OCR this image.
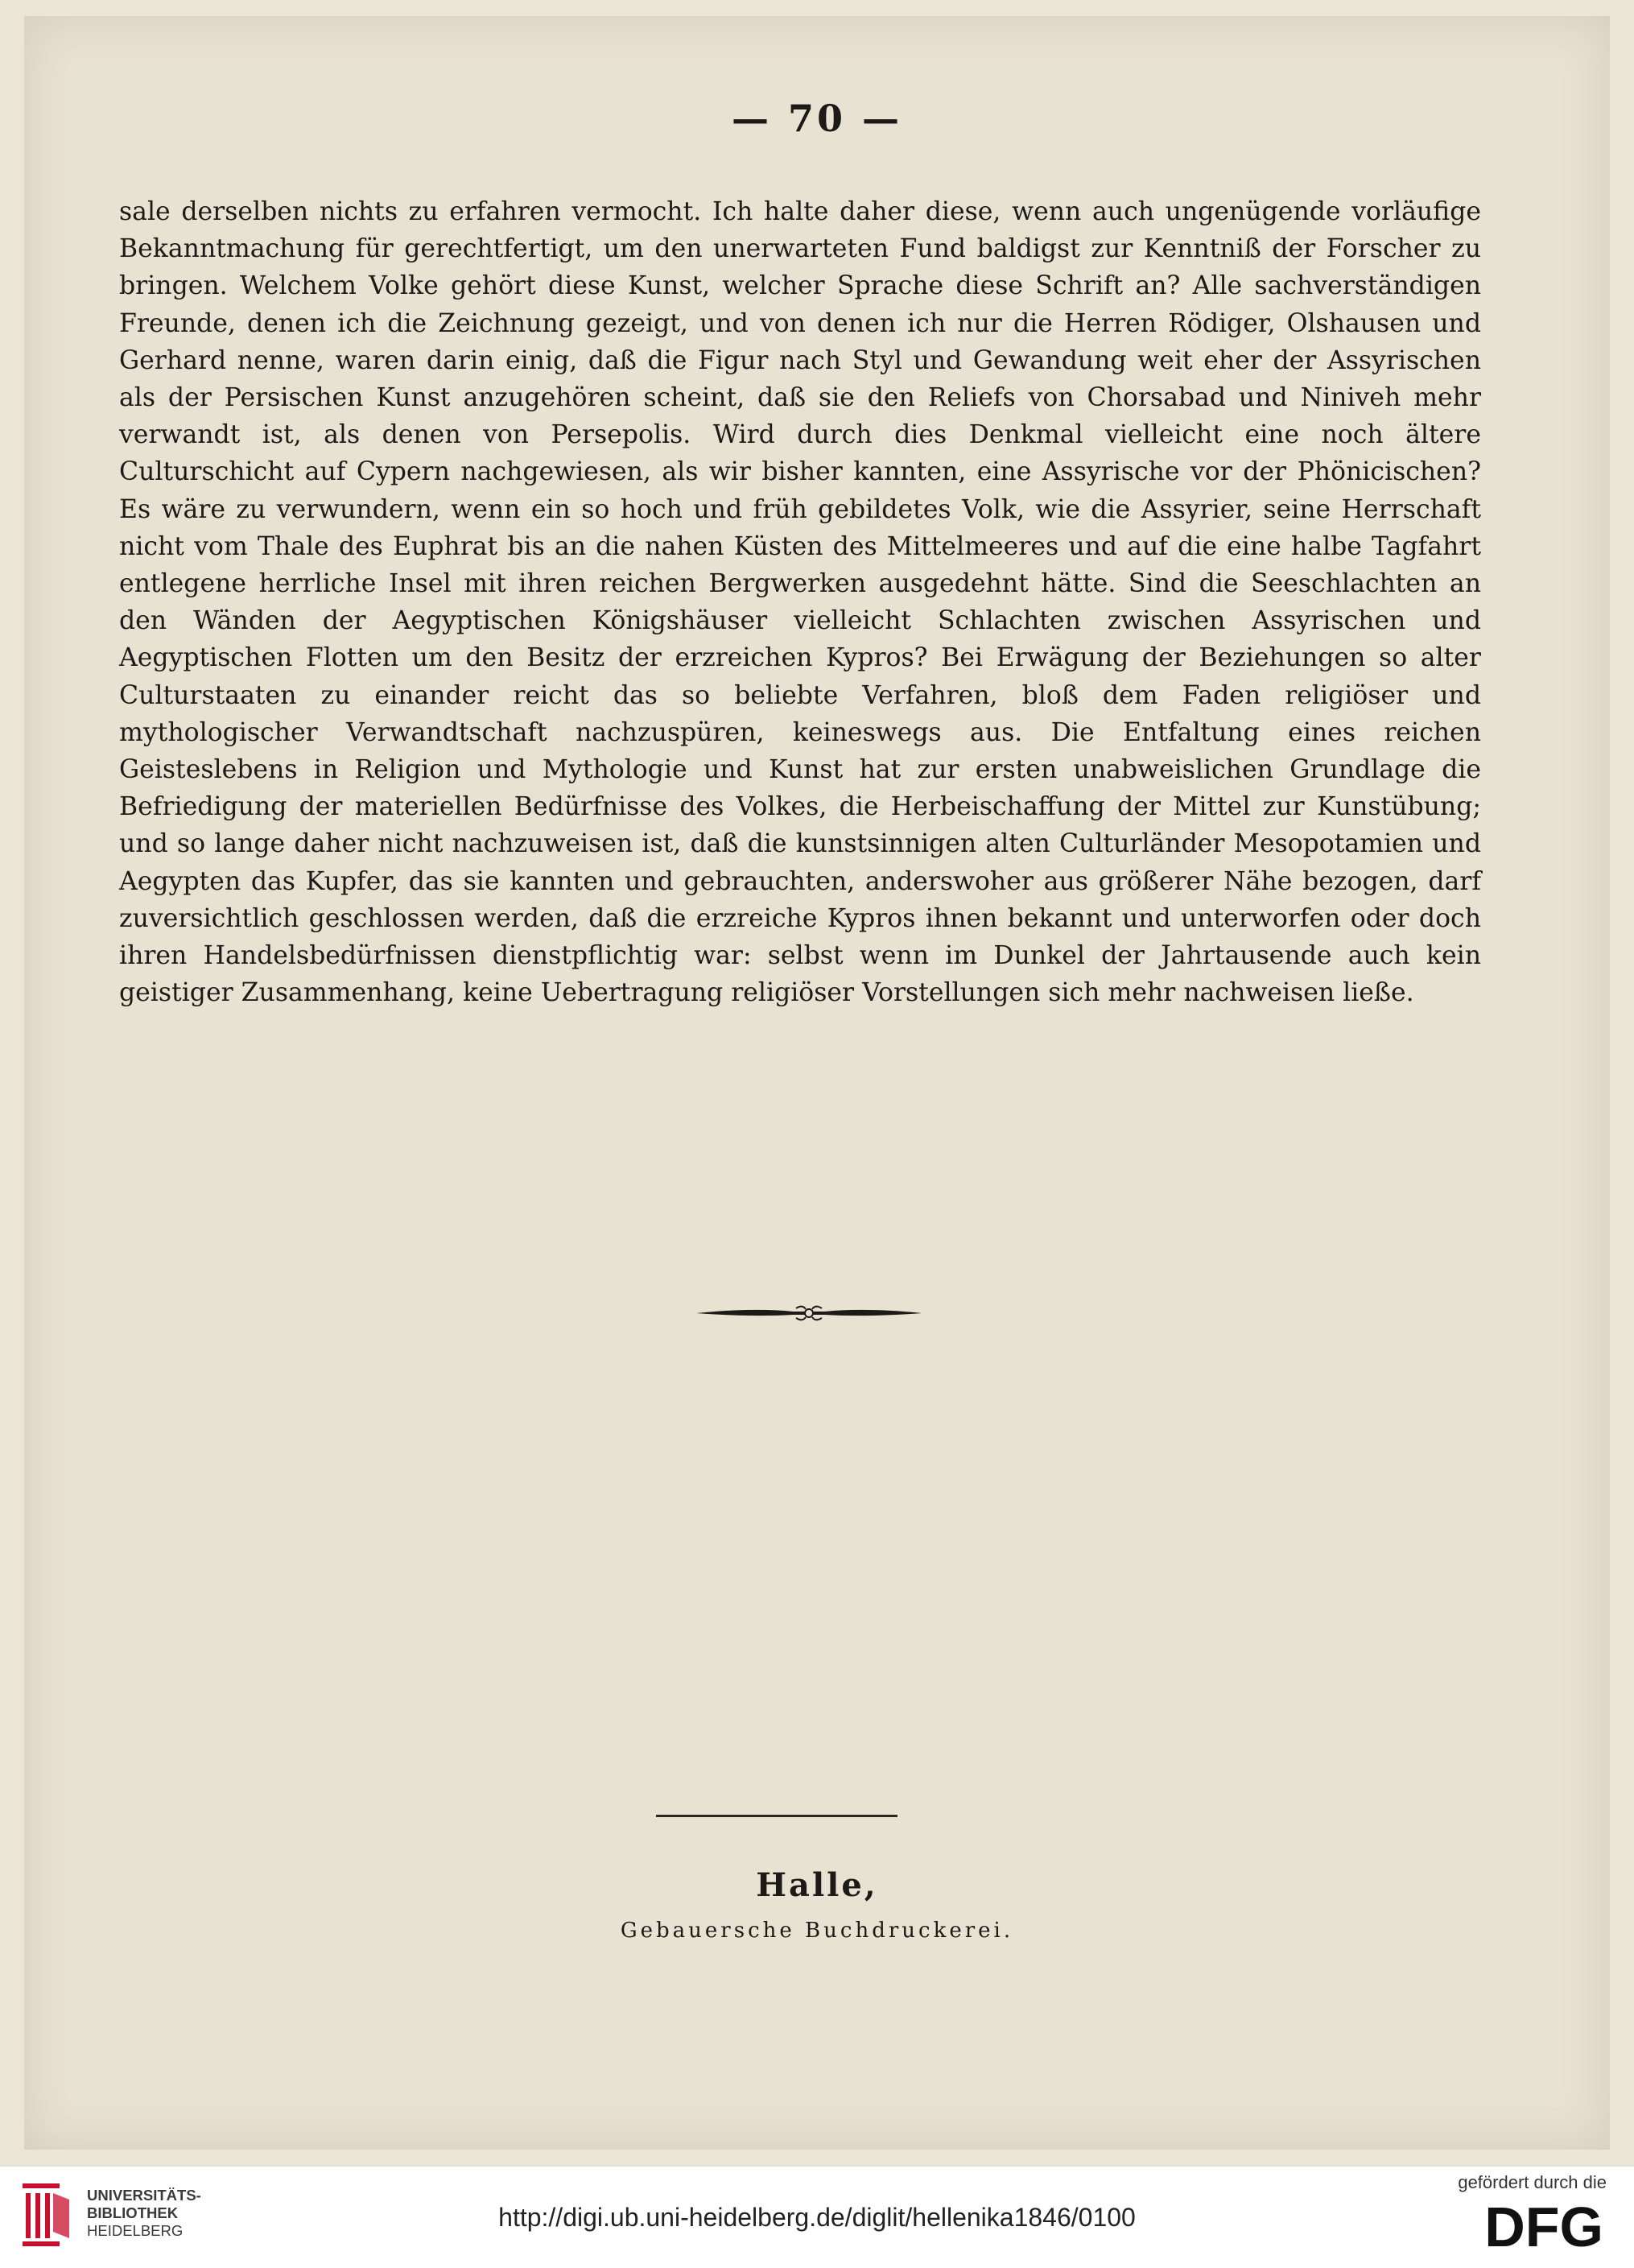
— 70 —
sale derselben nichts zu erfahren vermocht. Ich halte daher diese, wenn auch ungenügende vorläufige Bekanntmachung für gerechtfertigt, um den unerwarteten Fund baldigst zur Kenntniß der Forscher zu bringen. Welchem Volke gehört diese Kunst, welcher Sprache diese Schrift an? Alle sachverständigen Freunde, denen ich die Zeichnung gezeigt, und von denen ich nur die Herren Rödiger, Olshausen und Gerhard nenne, waren darin einig, daß die Figur nach Styl und Gewandung weit eher der Assyrischen als der Persischen Kunst anzugehören scheint, daß sie den Reliefs von Chorsabad und Niniveh mehr verwandt ist, als denen von Persepolis. Wird durch dies Denkmal vielleicht eine noch ältere Culturschicht auf Cypern nachgewiesen, als wir bisher kannten, eine Assyrische vor der Phönicischen? Es wäre zu verwundern, wenn ein so hoch und früh gebildetes Volk, wie die Assyrier, seine Herrschaft nicht vom Thale des Euphrat bis an die nahen Küsten des Mittelmeeres und auf die eine halbe Tagfahrt entlegene herrliche Insel mit ihren reichen Bergwerken ausgedehnt hätte. Sind die Seeschlachten an den Wänden der Aegyptischen Königshäuser vielleicht Schlachten zwischen Assyrischen und Aegyptischen Flotten um den Besitz der erzreichen Kypros? Bei Erwägung der Beziehungen so alter Culturstaaten zu einander reicht das so beliebte Verfahren, bloß dem Faden religiöser und mythologischer Verwandtschaft nachzuspüren, keineswegs aus. Die Entfaltung eines reichen Geisteslebens in Religion und Mythologie und Kunst hat zur ersten unabweislichen Grundlage die Befriedigung der materiellen Bedürfnisse des Volkes, die Herbeischaffung der Mittel zur Kunstübung; und so lange daher nicht nachzuweisen ist, daß die kunstsinnigen alten Culturländer Mesopotamien und Aegypten das Kupfer, das sie kannten und gebrauchten, anderswoher aus größerer Nähe bezogen, darf zuversichtlich geschlossen werden, daß die erzreiche Kypros ihnen bekannt und unterworfen oder doch ihren Handelsbedürfnissen dienstpflichtig war: selbst wenn im Dunkel der Jahrtausende auch kein geistiger Zusammenhang, keine Uebertragung religiöser Vorstellungen sich mehr nachweisen ließe.
Halle,
Gebauersche Buchdruckerei.
UNIVERSITÄTS-
BIBLIOTHEK
HEIDELBERG	http://digi.ub.uni-heidelberg.de/diglit/hellenika1846/0100
gefördert durch die
DFG
